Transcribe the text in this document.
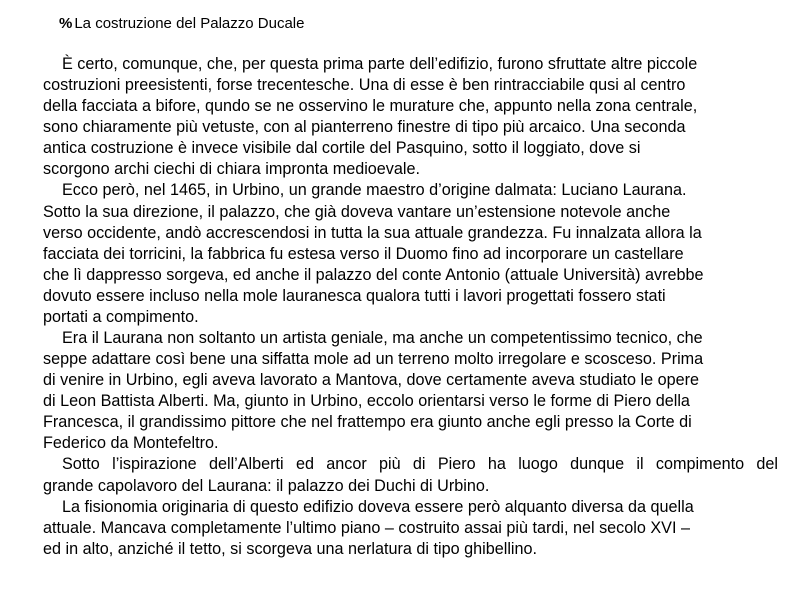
% La costruzione del Palazzo Ducale
È certo, comunque, che, per questa prima parte dell’edifizio, furono sfruttate altre piccole
costruzioni preesistenti, forse trecentesche. Una di esse è ben rintracciabile qusi al centro
della facciata a bifore, qundo se ne osservino le murature che, appunto nella zona centrale,
sono chiaramente più vetuste, con al pianterreno finestre di tipo più arcaico. Una seconda
antica costruzione è invece visibile dal cortile del Pasquino, sotto il loggiato, dove si
scorgono archi ciechi di chiara impronta medioevale.
Ecco però, nel 1465, in Urbino, un grande maestro d’origine dalmata: Luciano Laurana.
Sotto la sua direzione, il palazzo, che già doveva vantare un’estensione notevole anche
verso occidente, andò accrescendosi in tutta la sua attuale grandezza. Fu innalzata allora la
facciata dei torricini, la fabbrica fu estesa verso il Duomo fino ad incorporare un castellare
che lì dappresso sorgeva, ed anche il palazzo del conte Antonio (attuale Università) avrebbe
dovuto essere incluso nella mole lauranesca qualora tutti i lavori progettati fossero stati
portati a compimento.
Era il Laurana non soltanto un artista geniale, ma anche un competentissimo tecnico, che
seppe adattare così bene una siffatta mole ad un terreno molto irregolare e scosceso. Prima
di venire in Urbino, egli aveva lavorato a Mantova, dove certamente aveva studiato le opere
di Leon Battista Alberti. Ma, giunto in Urbino, eccolo orientarsi verso le forme di Piero della
Francesca, il grandissimo pittore che nel frattempo era giunto anche egli presso la Corte di
Federico da Montefeltro.
Sotto l’ispirazione dell’Alberti ed ancor più di Piero ha luogo dunque il compimento del
grande capolavoro del Laurana: il palazzo dei Duchi di Urbino.
La fisionomia originaria di questo edifizio doveva essere però alquanto diversa da quella
attuale. Mancava completamente l’ultimo piano – costruito assai più tardi, nel secolo XVI –
ed in alto, anziché il tetto, si scorgeva una nerlatura di tipo ghibellino.
